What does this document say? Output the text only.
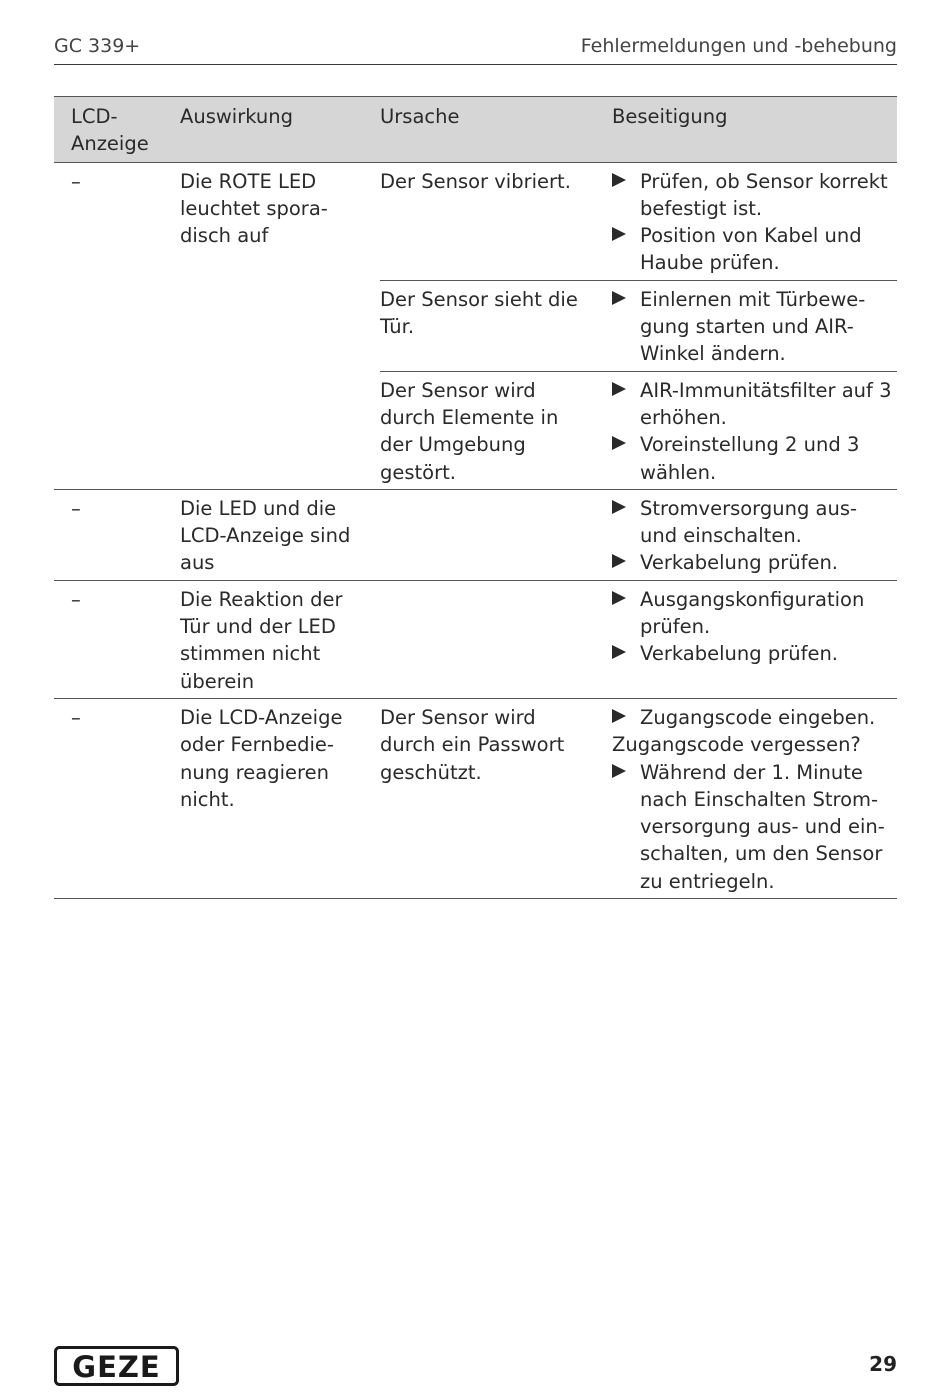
GC 339+	Fehlermeldungen und -behebung
LCD-
Anzeige	Auswirkung	Ursache	Beseitigung
–	Die ROTE LED leuchtet spora-disch auf	Der Sensor vibriert.	Prüfen, ob Sensor korrekt befestigt ist.
Position von Kabel und Haube prüfen.

		Der Sensor sieht die Tür.	Einlernen mit Türbewe-gung starten und AIR-Winkel ändern.

		Der Sensor wird durch Elemente in der Umgebung gestört.	AIR-Immunitätsfilter auf 3 erhöhen.
Voreinstellung 2 und 3 wählen.

–	Die LED und die LCD-Anzeige sind aus		Stromversorgung aus- und einschalten.
Verkabelung prüfen.

–	Die Reaktion der Tür und der LED stimmen nicht überein		Ausgangskonfiguration prüfen.
Verkabelung prüfen.

–	Die LCD-Anzeige oder Fernbedie-nung reagieren nicht.	Der Sensor wird durch ein Passwort geschützt.	Zugangscode eingeben.
Zugangscode vergessen?
Während der 1. Minute nach Einschalten Strom-versorgung aus- und ein-schalten, um den Sensor zu entriegeln.
GEZE	29
